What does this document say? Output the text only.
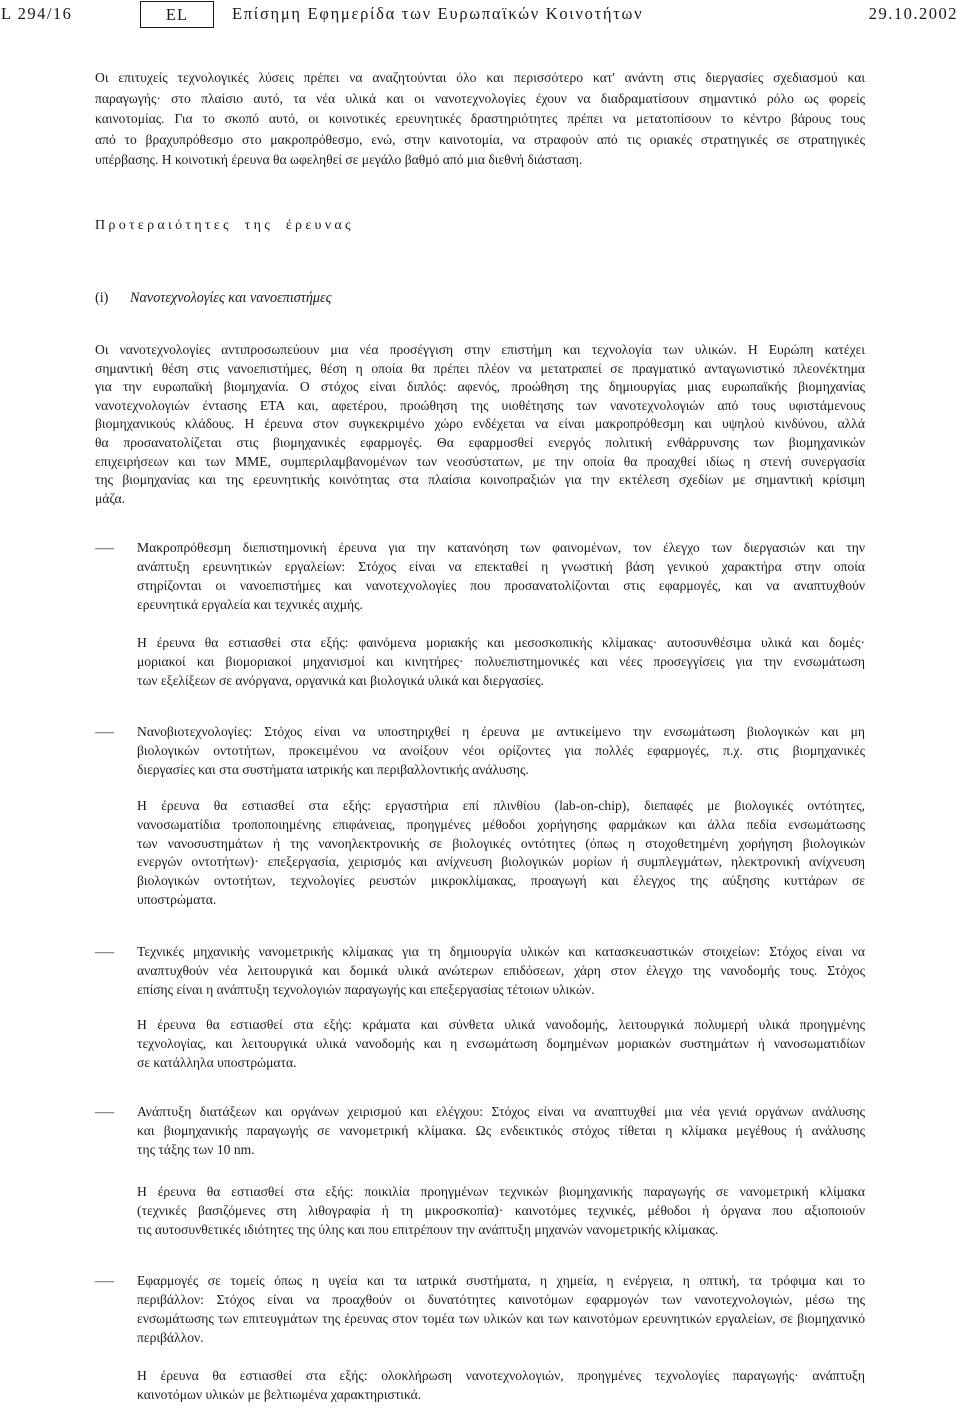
L 294/16	EL	Επίσημη Εφημερίδα των Ευρωπαϊκών Κοινοτήτων	29.10.2002
Οι επιτυχείς τεχνολογικές λύσεις πρέπει να αναζητούνται όλο και περισσότερο κατ' ανάντη στις διεργασίες σχεδιασμού και
παραγωγής· στο πλαίσιο αυτό, τα νέα υλικά και οι νανοτεχνολογίες έχουν να διαδραματίσουν σημαντικό ρόλο ως φορείς
καινοτομίας. Για το σκοπό αυτό, οι κοινοτικές ερευνητικές δραστηριότητες πρέπει να μετατοπίσουν το κέντρο βάρους τους
από το βραχυπρόθεσμο στο μακροπρόθεσμο, ενώ, στην καινοτομία, να στραφούν από τις οριακές στρατηγικές σε στρατηγικές
υπέρβασης. Η κοινοτική έρευνα θα ωφεληθεί σε μεγάλο βαθμό από μια διεθνή διάσταση.
Προτεραιότητες της έρευνας
(i) Νανοτεχνολογίες και νανοεπιστήμες
Οι νανοτεχνολογίες αντιπροσωπεύουν μια νέα προσέγγιση στην επιστήμη και τεχνολογία των υλικών. Η Ευρώπη κατέχει
σημαντική θέση στις νανοεπιστήμες, θέση η οποία θα πρέπει πλέον να μετατραπεί σε πραγματικό ανταγωνιστικό πλεονέκτημα
για την ευρωπαϊκή βιομηχανία. Ο στόχος είναι διπλός: αφενός, προώθηση της δημιουργίας μιας ευρωπαϊκής βιομηχανίας
νανοτεχνολογιών έντασης ΕΤΑ και, αφετέρου, προώθηση της υιοθέτησης των νανοτεχνολογιών από τους υφιστάμενους
βιομηχανικούς κλάδους. Η έρευνα στον συγκεκριμένο χώρο ενδέχεται να είναι μακροπρόθεσμη και υψηλού κινδύνου, αλλά
θα προσανατολίζεται στις βιομηχανικές εφαρμογές. Θα εφαρμοσθεί ενεργός πολιτική ενθάρρυνσης των βιομηχανικών
επιχειρήσεων και των ΜΜΕ, συμπεριλαμβανομένων των νεοσύστατων, με την οποία θα προαχθεί ιδίως η στενή συνεργασία
της βιομηχανίας και της ερευνητικής κοινότητας στα πλαίσια κοινοπραξιών για την εκτέλεση σχεδίων με σημαντική κρίσιμη
μάζα.
— Μακροπρόθεσμη διεπιστημονική έρευνα για την κατανόηση των φαινομένων, τον έλεγχο των διεργασιών και την
ανάπτυξη ερευνητικών εργαλείων: Στόχος είναι να επεκταθεί η γνωστική βάση γενικού χαρακτήρα στην οποία
στηρίζονται οι νανοεπιστήμες και νανοτεχνολογίες που προσανατολίζονται στις εφαρμογές, και να αναπτυχθούν
ερευνητικά εργαλεία και τεχνικές αιχμής.
Η έρευνα θα εστιασθεί στα εξής: φαινόμενα μοριακής και μεσοσκοπικής κλίμακας· αυτοσυνθέσιμα υλικά και δομές·
μοριακοί και βιομοριακοί μηχανισμοί και κινητήρες· πολυεπιστημονικές και νέες προσεγγίσεις για την ενσωμάτωση
των εξελίξεων σε ανόργανα, οργανικά και βιολογικά υλικά και διεργασίες.
— Νανοβιοτεχνολογίες: Στόχος είναι να υποστηριχθεί η έρευνα με αντικείμενο την ενσωμάτωση βιολογικών και μη
βιολογικών οντοτήτων, προκειμένου να ανοίξουν νέοι ορίζοντες για πολλές εφαρμογές, π.χ. στις βιομηχανικές
διεργασίες και στα συστήματα ιατρικής και περιβαλλοντικής ανάλυσης.
Η έρευνα θα εστιασθεί στα εξής: εργαστήρια επί πλινθίου (lab-on-chip), διεπαφές με βιολογικές οντότητες,
νανοσωματίδια τροποποιημένης επιφάνειας, προηγμένες μέθοδοι χορήγησης φαρμάκων και άλλα πεδία ενσωμάτωσης
των νανοσυστημάτων ή της νανοηλεκτρονικής σε βιολογικές οντότητες (όπως η στοχοθετημένη χορήγηση βιολογικών
ενεργών οντοτήτων)· επεξεργασία, χειρισμός και ανίχνευση βιολογικών μορίων ή συμπλεγμάτων, ηλεκτρονική ανίχνευση
βιολογικών οντοτήτων, τεχνολογίες ρευστών μικροκλίμακας, προαγωγή και έλεγχος της αύξησης κυττάρων σε
υποστρώματα.
— Τεχνικές μηχανικής νανομετρικής κλίμακας για τη δημιουργία υλικών και κατασκευαστικών στοιχείων: Στόχος είναι να
αναπτυχθούν νέα λειτουργικά και δομικά υλικά ανώτερων επιδόσεων, χάρη στον έλεγχο της νανοδομής τους. Στόχος
επίσης είναι η ανάπτυξη τεχνολογιών παραγωγής και επεξεργασίας τέτοιων υλικών.
Η έρευνα θα εστιασθεί στα εξής: κράματα και σύνθετα υλικά νανοδομής, λειτουργικά πολυμερή υλικά προηγμένης
τεχνολογίας, και λειτουργικά υλικά νανοδομής και η ενσωμάτωση δομημένων μοριακών συστημάτων ή νανοσωματιδίων
σε κατάλληλα υποστρώματα.
— Ανάπτυξη διατάξεων και οργάνων χειρισμού και ελέγχου: Στόχος είναι να αναπτυχθεί μια νέα γενιά οργάνων ανάλυσης
και βιομηχανικής παραγωγής σε νανομετρική κλίμακα. Ως ενδεικτικός στόχος τίθεται η κλίμακα μεγέθους ή ανάλυσης
της τάξης των 10 nm.
Η έρευνα θα εστιασθεί στα εξής: ποικιλία προηγμένων τεχνικών βιομηχανικής παραγωγής σε νανομετρική κλίμακα
(τεχνικές βασιζόμενες στη λιθογραφία ή τη μικροσκοπία)· καινοτόμες τεχνικές, μέθοδοι ή όργανα που αξιοποιούν
τις αυτοσυνθετικές ιδιότητες της ύλης και που επιτρέπουν την ανάπτυξη μηχανών νανομετρικής κλίμακας.
— Εφαρμογές σε τομείς όπως η υγεία και τα ιατρικά συστήματα, η χημεία, η ενέργεια, η οπτική, τα τρόφιμα και το
περιβάλλον: Στόχος είναι να προαχθούν οι δυνατότητες καινοτόμων εφαρμογών των νανοτεχνολογιών, μέσω της
ενσωμάτωσης των επιτευγμάτων της έρευνας στον τομέα των υλικών και των καινοτόμων ερευνητικών εργαλείων, σε βιομηχανικό
περιβάλλον.
Η έρευνα θα εστιασθεί στα εξής: ολοκλήρωση νανοτεχνολογιών, προηγμένες τεχνολογίες παραγωγής· ανάπτυξη
καινοτόμων υλικών με βελτιωμένα χαρακτηριστικά.
